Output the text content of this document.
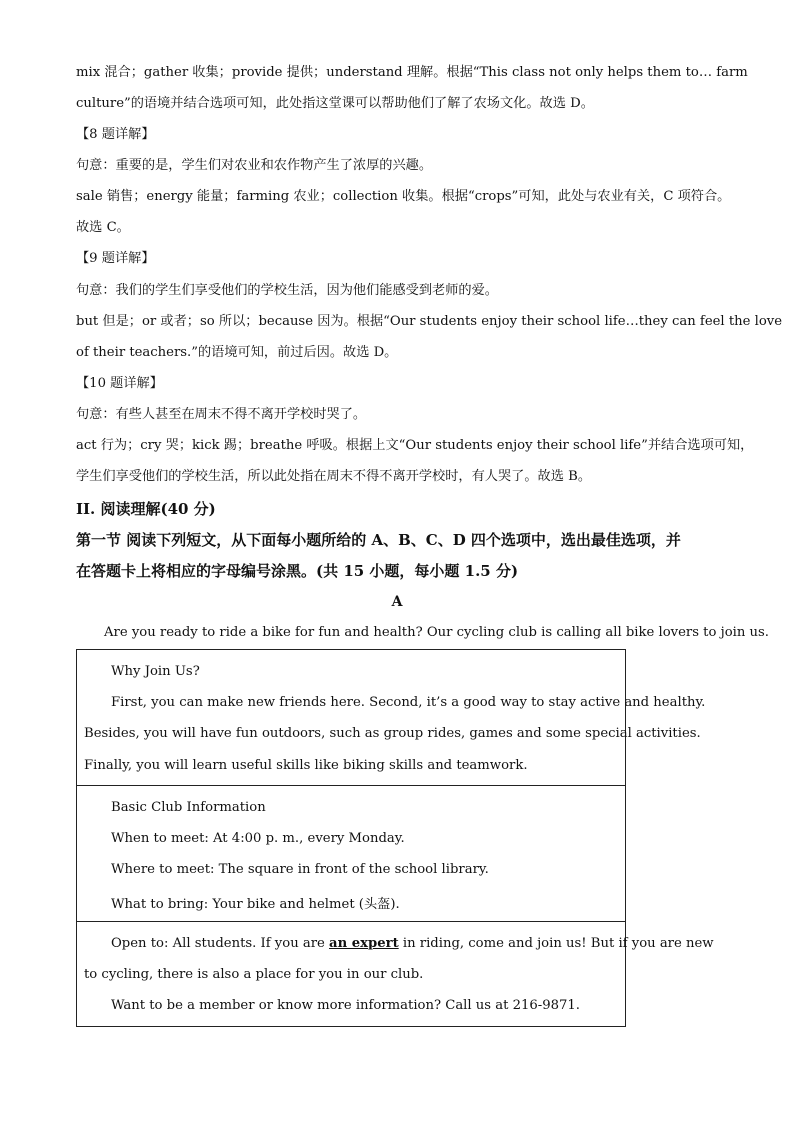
mix 混合；gather 收集；provide 提供；understand 理解。根据“This class not only helps them to… farm
culture”的语境并结合选项可知，此处指这堂课可以帮助他们了解了农场文化。故选 D。
【8 题详解】
句意：重要的是，学生们对农业和农作物产生了浓厚的兴趣。
sale 销售；energy 能量；farming 农业；collection 收集。根据“crops”可知，此处与农业有关，C 项符合。
故选 C。
【9 题详解】
句意：我们的学生们享受他们的学校生活，因为他们能感受到老师的爱。
but 但是；or 或者；so 所以；because 因为。根据“Our students enjoy their school life…they can feel the love
of their teachers.”的语境可知，前过后因。故选 D。
【10 题详解】
句意：有些人甚至在周末不得不离开学校时哭了。
act 行为；cry 哭；kick 踢；breathe 呼吸。根据上文“Our students enjoy their school life”并结合选项可知，
学生们享受他们的学校生活，所以此处指在周末不得不离开学校时，有人哭了。故选 B。
II. 阅读理解(40 分)
第一节 阅读下列短文，从下面每小题所给的 A、B、C、D 四个选项中，选出最佳选项，并
在答题卡上将相应的字母编号涂黑。(共 15 小题，每小题 1.5 分)
A
Are you ready to ride a bike for fun and health? Our cycling club is calling all bike lovers to join us.
Why Join Us?
First, you can make new friends here. Second, it’s a good way to stay active and healthy.
Besides, you will have fun outdoors, such as group rides, games and some special activities.
Finally, you will learn useful skills like biking skills and teamwork.
Basic Club Information
When to meet: At 4:00 p. m., every Monday.
Where to meet: The square in front of the school library.
What to bring: Your bike and helmet (头盔).
Open to: All students. If you are an expert in riding, come and join us! But if you are new
to cycling, there is also a place for you in our club.
Want to be a member or know more information? Call us at 216-9871.
